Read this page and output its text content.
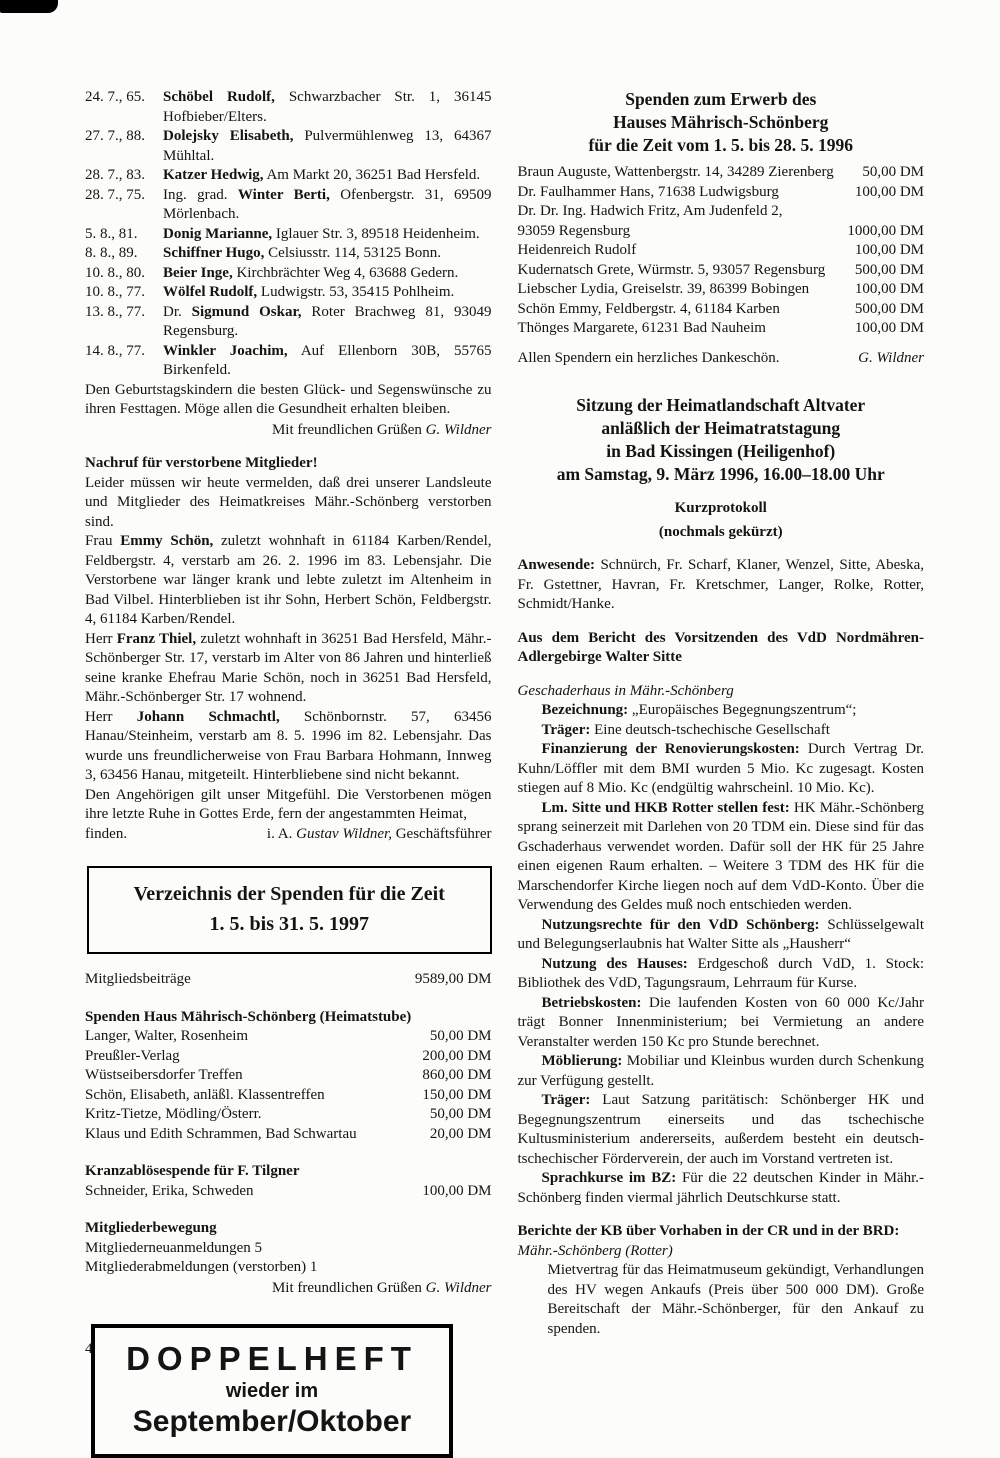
24. 7., 65.	Schöbel Rudolf, Schwarzbacher Str. 1, 36145 Hofbieber/Elters.
27. 7., 88.	Dolejsky Elisabeth, Pulvermühlenweg 13, 64367 Mühltal.
28. 7., 83.	Katzer Hedwig, Am Markt 20, 36251 Bad Hersfeld.
28. 7., 75.	Ing. grad. Winter Berti, Ofenbergstr. 31, 69509 Mörlenbach.
5. 8., 81.	Donig Marianne, Iglauer Str. 3, 89518 Heidenheim.
8. 8., 89.	Schiffner Hugo, Celsiusstr. 114, 53125 Bonn.
10. 8., 80.	Beier Inge, Kirchbrächter Weg 4, 63688 Gedern.
10. 8., 77.	Wölfel Rudolf, Ludwigstr. 53, 35415 Pohlheim.
13. 8., 77.	Dr. Sigmund Oskar, Roter Brachweg 81, 93049 Regensburg.
14. 8., 77.	Winkler Joachim, Auf Ellenborn 30B, 55765 Birkenfeld.

Den Geburtstagskindern die besten Glück- und Segenswünsche zu ihren Festtagen. Möge allen die Gesundheit erhalten bleiben.

Mit freundlichen Grüßen G. Wildner
Nachruf für verstorbene Mitglieder!

Leider müssen wir heute vermelden, daß drei unserer Landsleute und Mitglieder des Heimatkreises Mähr.-Schönberg verstorben sind.

Frau Emmy Schön, zuletzt wohnhaft in 61184 Karben/Rendel, Feldbergstr. 4, verstarb am 26. 2. 1996 im 83. Lebensjahr. Die Verstorbene war länger krank und lebte zuletzt im Altenheim in Bad Vilbel. Hinterblieben ist ihr Sohn, Herbert Schön, Feldbergstr. 4, 61184 Karben/Rendel.

Herr Franz Thiel, zuletzt wohnhaft in 36251 Bad Hersfeld, Mähr.-Schönberger Str. 17, verstarb im Alter von 86 Jahren und hinterließ seine kranke Ehefrau Marie Schön, noch in 36251 Bad Hersfeld, Mähr.-Schönberger Str. 17 wohnend.

Herr Johann Schmachtl, Schönbornstr. 57, 63456 Hanau/Steinheim, verstarb am 8. 5. 1996 im 82. Lebensjahr. Das wurde uns freundlicherweise von Frau Barbara Hohmann, Innweg 3, 63456 Hanau, mitgeteilt. Hinterbliebene sind nicht bekannt.

Den Angehörigen gilt unser Mitgefühl. Die Verstorbenen mögen ihre letzte Ruhe in Gottes Erde, fern der angestammten Heimat,

finden.	i. A. Gustav Wildner, Geschäftsführer
Verzeichnis der Spenden für die Zeit
1. 5. bis 31. 5. 1997
Mitgliedsbeiträge	9589,00 DM
Spenden Haus Mährisch-Schönberg (Heimatstube)
Langer, Walter, Rosenheim	50,00 DM
Preußler-Verlag	200,00 DM
Wüstseibersdorfer Treffen	860,00 DM
Schön, Elisabeth, anläßl. Klassentreffen	150,00 DM
Kritz-Tietze, Mödling/Österr.	50,00 DM
Klaus und Edith Schrammen, Bad Schwartau	20,00 DM
Kranzablösespende für F. Tilgner
Schneider, Erika, Schweden	100,00 DM
Mitgliederbewegung
Mitgliederneuanmeldungen 5
Mitgliederabmeldungen (verstorben) 1
Mit freundlichen Grüßen G. Wildner
DOPPELHEFT
wieder im
September/Oktober
Spenden zum Erwerb des
Hauses Mährisch-Schönberg
für die Zeit vom 1. 5. bis 28. 5. 1996
Braun Auguste, Wattenbergstr. 14, 34289 Zierenberg	50,00 DM
Dr. Faulhammer Hans, 71638 Ludwigsburg	100,00 DM
Dr. Dr. Ing. Hadwich Fritz, Am Judenfeld 2,
93059 Regensburg	1000,00 DM
Heidenreich Rudolf	100,00 DM
Kudernatsch Grete, Würmstr. 5, 93057 Regensburg	500,00 DM
Liebscher Lydia, Greiselstr. 39, 86399 Bobingen	100,00 DM
Schön Emmy, Feldbergstr. 4, 61184 Karben	500,00 DM
Thönges Margarete, 61231 Bad Nauheim	100,00 DM
Allen Spendern ein herzliches Dankeschön.	G. Wildner
Sitzung der Heimatlandschaft Altvater
anläßlich der Heimatratstagung
in Bad Kissingen (Heiligenhof)
am Samstag, 9. März 1996, 16.00–18.00 Uhr
Kurzprotokoll
(nochmals gekürzt)

Anwesende: Schnürch, Fr. Scharf, Klaner, Wenzel, Sitte, Abeska, Fr. Gstettner, Havran, Fr. Kretschmer, Langer, Rolke, Rotter, Schmidt/Hanke.

Aus dem Bericht des Vorsitzenden des VdD Nordmähren-Adlergebirge Walter Sitte

Geschaderhaus in Mähr.-Schönberg

Bezeichnung: „Europäisches Begegnungszentrum“;

Träger: Eine deutsch-tschechische Gesellschaft

Finanzierung der Renovierungskosten: Durch Vertrag Dr. Kuhn/Löffler mit dem BMI wurden 5 Mio. Kc zugesagt. Kosten stiegen auf 8 Mio. Kc (endgültig wahrscheinl. 10 Mio. Kc).

Lm. Sitte und HKB Rotter stellen fest: HK Mähr.-Schönberg sprang seinerzeit mit Darlehen von 20 TDM ein. Diese sind für das Gschaderhaus verwendet worden. Dafür soll der HK für 25 Jahre einen eigenen Raum erhalten. – Weitere 3 TDM des HK für die Marschendorfer Kirche liegen noch auf dem VdD-Konto. Über die Verwendung des Geldes muß noch entschieden werden.

Nutzungsrechte für den VdD Schönberg: Schlüsselgewalt und Belegungserlaubnis hat Walter Sitte als „Hausherr“

Nutzung des Hauses: Erdgeschoß durch VdD, 1. Stock: Bibliothek des VdD, Tagungsraum, Lehrraum für Kurse.

Betriebskosten: Die laufenden Kosten von 60 000 Kc/Jahr trägt Bonner Innenministerium; bei Vermietung an andere Veranstalter werden 150 Kc pro Stunde berechnet.

Möblierung: Mobiliar und Kleinbus wurden durch Schenkung zur Verfügung gestellt.

Träger: Laut Satzung paritätisch: Schönberger HK und Begegnungszentrum einerseits und das tschechische Kultusministerium andererseits, außerdem besteht ein deutsch-tschechischer Förderverein, der auch im Vorstand vertreten ist.

Sprachkurse im BZ: Für die 22 deutschen Kinder in Mähr.-Schönberg finden viermal jährlich Deutschkurse statt.

Berichte der KB über Vorhaben in der CR und in der BRD:

Mähr.-Schönberg (Rotter)

Mietvertrag für das Heimatmuseum gekündigt, Verhandlungen des HV wegen Ankaufs (Preis über 500 000 DM). Große Bereitschaft der Mähr.-Schönberger, für den Ankauf zu spenden.

4
